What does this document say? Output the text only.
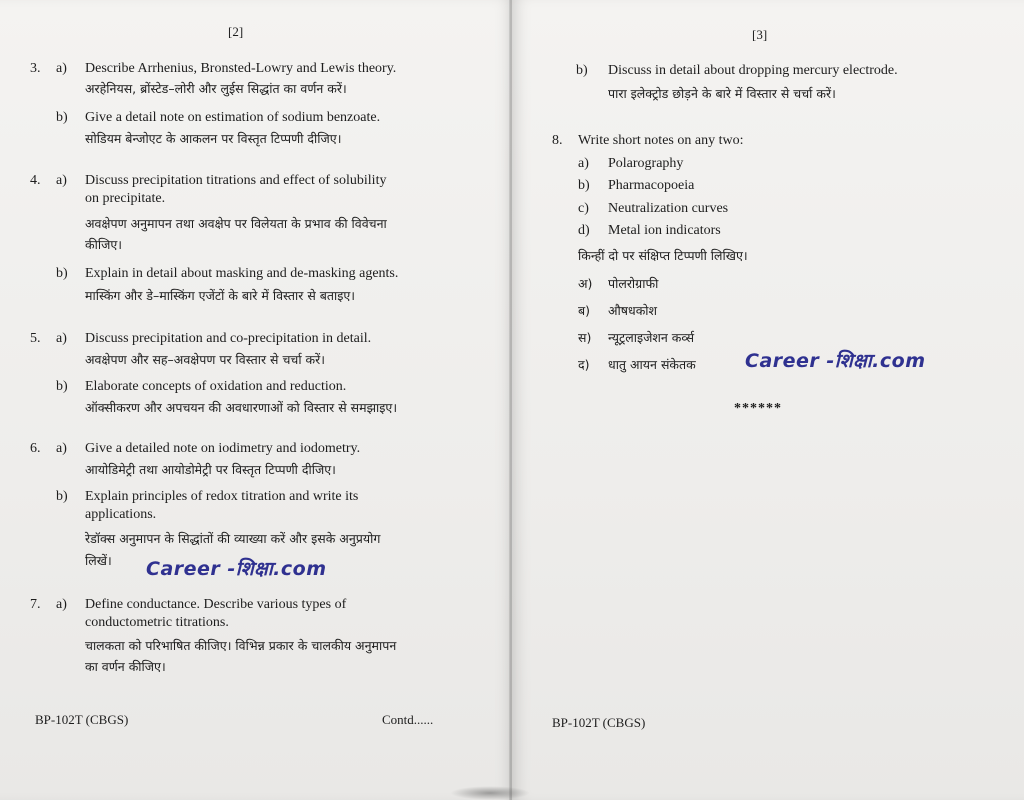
[2]
3. a) Describe Arrhenius, Bronsted-Lowry and Lewis theory.
अरहेनियस, ब्रोंस्टेड–लोरी और लुईस सिद्धांत का वर्णन करें।
b) Give a detail note on estimation of sodium benzoate.
सोडियम बेन्जोएट के आकलन पर विस्तृत टिप्पणी दीजिए।
4. a) Discuss precipitation titrations and effect of solubility
on precipitate.
अवक्षेपण अनुमापन तथा अवक्षेप पर विलेयता के प्रभाव की विवेचना
कीजिए।
b) Explain in detail about masking and de-masking agents.
मास्किंग और डे–मास्किंग एजेंटों के बारे में विस्तार से बताइए।
5. a) Discuss precipitation and co-precipitation in detail.
अवक्षेपण और सह–अवक्षेपण पर विस्तार से चर्चा करें।
b) Elaborate concepts of oxidation and reduction.
ऑक्सीकरण और अपचयन की अवधारणाओं को विस्तार से समझाइए।
6. a) Give a detailed note on iodimetry and iodometry.
आयोडिमेट्री तथा आयोडोमेट्री पर विस्तृत टिप्पणी दीजिए।
b) Explain principles of redox titration and write its
applications.
रेडॉक्स अनुमापन के सिद्धांतों की व्याख्या करें और इसके अनुप्रयोग
लिखें। Career -शिक्षा.com
7. a) Define conductance. Describe various types of
conductometric titrations.
चालकता को परिभाषित कीजिए। विभिन्न प्रकार के चालकीय अनुमापन
का वर्णन कीजिए।
BP-102T (CBGS)	Contd......
[3]
b) Discuss in detail about dropping mercury electrode.
पारा इलेक्ट्रोड छोड़ने के बारे में विस्तार से चर्चा करें।
8. Write short notes on any two:
a) Polarography
b) Pharmacopoeia
c) Neutralization curves
d) Metal ion indicators
किन्हीं दो पर संक्षिप्त टिप्पणी लिखिए।
अ) पोलरोग्राफी
ब) औषधकोश
स) न्यूट्रलाइजेशन कर्व्स
द) धातु आयन संकेतक	Career -शिक्षा.com
******
BP-102T (CBGS)
